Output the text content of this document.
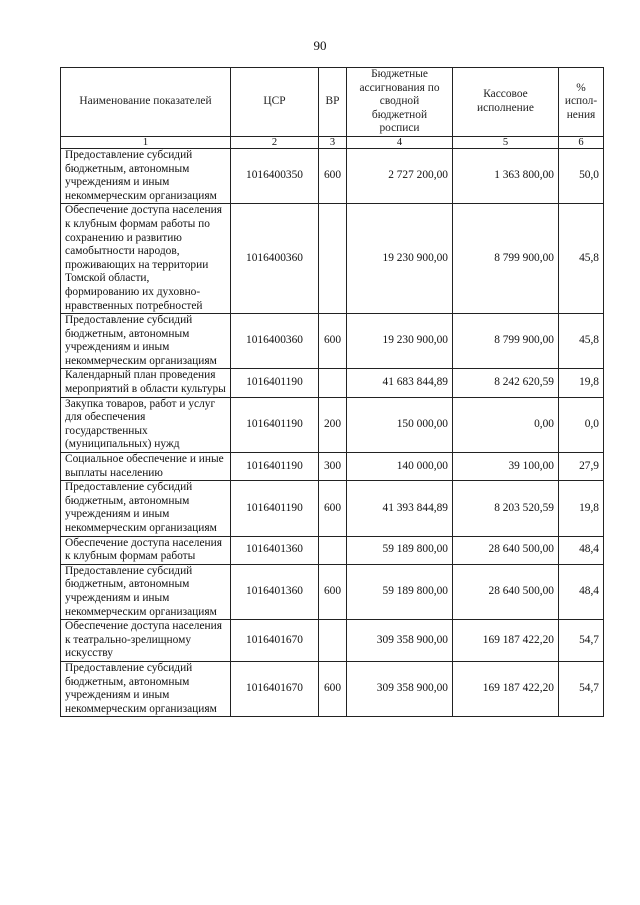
90
Наименование показателей	ЦСР	ВР	Бюджетные ассигнования по сводной бюджетной росписи	Кассовое исполнение	% испол-нения
1	2	3	4	5	6
Предоставление субсидий бюджетным, автономным учреждениям и иным некоммерческим организациям	1016400350	600	2 727 200,00	1 363 800,00	50,0
Обеспечение доступа населения к клубным формам работы по сохранению и развитию самобытности народов, проживающих на территории Томской области, формированию их духовно-нравственных потребностей	1016400360		19 230 900,00	8 799 900,00	45,8
Предоставление субсидий бюджетным, автономным учреждениям и иным некоммерческим организациям	1016400360	600	19 230 900,00	8 799 900,00	45,8
Календарный план проведения мероприятий в области культуры	1016401190		41 683 844,89	8 242 620,59	19,8
Закупка товаров, работ и услуг для обеспечения государственных (муниципальных) нужд	1016401190	200	150 000,00	0,00	0,0
Социальное обеспечение и иные выплаты населению	1016401190	300	140 000,00	39 100,00	27,9
Предоставление субсидий бюджетным, автономным учреждениям и иным некоммерческим организациям	1016401190	600	41 393 844,89	8 203 520,59	19,8
Обеспечение доступа населения к клубным формам работы	1016401360		59 189 800,00	28 640 500,00	48,4
Предоставление субсидий бюджетным, автономным учреждениям и иным некоммерческим организациям	1016401360	600	59 189 800,00	28 640 500,00	48,4
Обеспечение доступа населения к театрально-зрелищному искусству	1016401670		309 358 900,00	169 187 422,20	54,7
Предоставление субсидий бюджетным, автономным учреждениям и иным некоммерческим организациям	1016401670	600	309 358 900,00	169 187 422,20	54,7
